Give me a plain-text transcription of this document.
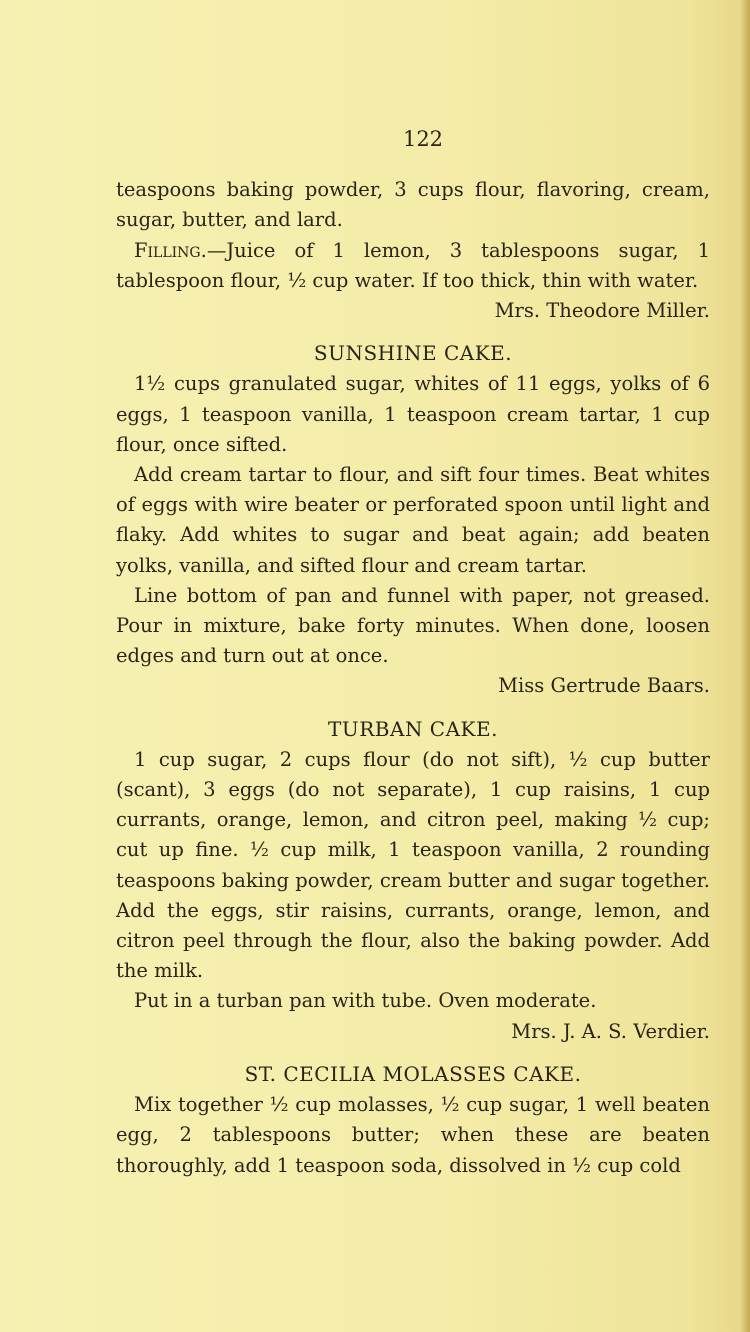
122

teaspoons baking powder, 3 cups flour, flavoring, cream, sugar, butter, and lard.

Filling.—Juice of 1 lemon, 3 tablespoons sugar, 1 tablespoon flour, ½ cup water. If too thick, thin with water.

Mrs. Theodore Miller.

SUNSHINE CAKE.

1½ cups granulated sugar, whites of 11 eggs, yolks of 6 eggs, 1 teaspoon vanilla, 1 teaspoon cream tartar, 1 cup flour, once sifted.

Add cream tartar to flour, and sift four times. Beat whites of eggs with wire beater or perforated spoon until light and flaky. Add whites to sugar and beat again; add beaten yolks, vanilla, and sifted flour and cream tartar.

Line bottom of pan and funnel with paper, not greased. Pour in mixture, bake forty minutes. When done, loosen edges and turn out at once.

Miss Gertrude Baars.

TURBAN CAKE.

1 cup sugar, 2 cups flour (do not sift), ½ cup butter (scant), 3 eggs (do not separate), 1 cup raisins, 1 cup currants, orange, lemon, and citron peel, making ½ cup; cut up fine. ½ cup milk, 1 teaspoon vanilla, 2 rounding teaspoons baking powder, cream butter and sugar together. Add the eggs, stir raisins, currants, orange, lemon, and citron peel through the flour, also the baking powder. Add the milk.

Put in a turban pan with tube. Oven moderate.

Mrs. J. A. S. Verdier.

ST. CECILIA MOLASSES CAKE.

Mix together ½ cup molasses, ½ cup sugar, 1 well beaten egg, 2 tablespoons butter; when these are beaten thoroughly, add 1 teaspoon soda, dissolved in ½ cup cold
